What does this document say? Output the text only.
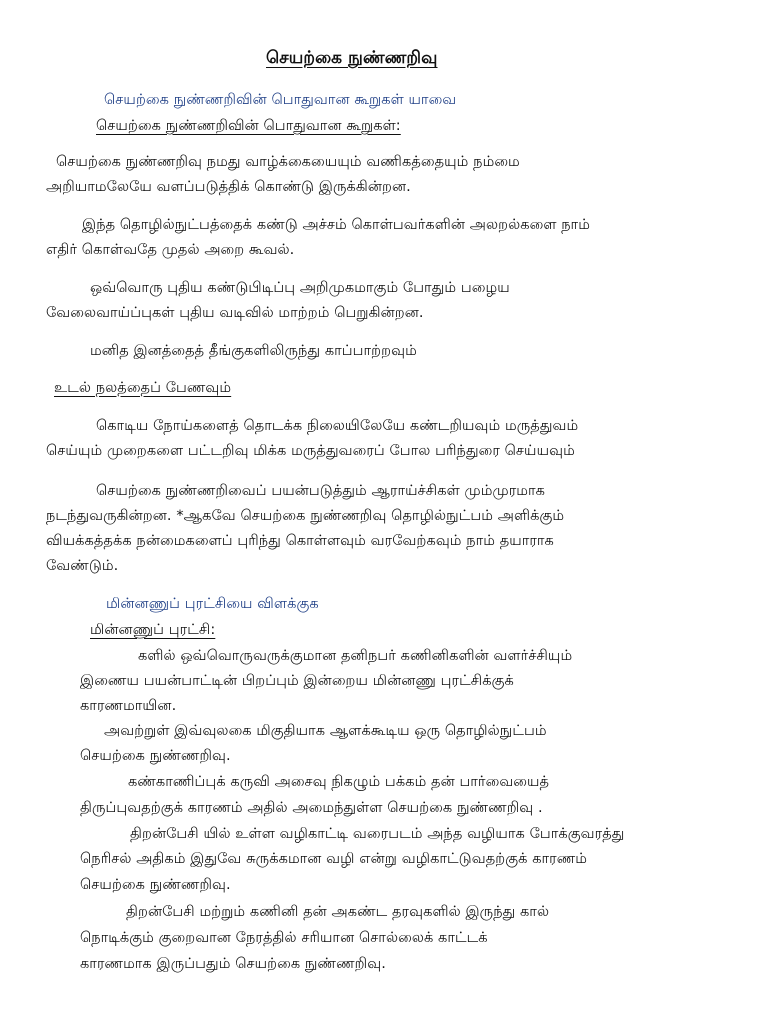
செயற்கை நுண்ணறிவு
செயற்கை நுண்ணறிவின் பொதுவான கூறுகள் யாவை
செயற்கை நுண்ணறிவின் பொதுவான கூறுகள்:
செயற்கை நுண்ணறிவு நமது வாழ்க்கையையும் வணிகத்தையும் நம்மை
அறியாமலேயே வளப்படுத்திக் கொண்டு இருக்கின்றன.
இந்த தொழில்நுட்பத்தைக் கண்டு அச்சம் கொள்பவர்களின் அலறல்களை நாம்
எதிர் கொள்வதே முதல் அறை கூவல்.
ஒவ்வொரு புதிய கண்டுபிடிப்பு அறிமுகமாகும் போதும் பழைய
வேலைவாய்ப்புகள் புதிய வடிவில் மாற்றம் பெறுகின்றன.
மனித இனத்தைத் தீங்குகளிலிருந்து காப்பாற்றவும்
உடல் நலத்தைப் பேணவும்
கொடிய நோய்களைத் தொடக்க நிலையிலேயே கண்டறியவும் மருத்துவம்
செய்யும் முறைகளை பட்டறிவு மிக்க மருத்துவரைப் போல பரிந்துரை செய்யவும்
செயற்கை நுண்ணறிவைப் பயன்படுத்தும் ஆராய்ச்சிகள் மும்முரமாக
நடந்துவருகின்றன. *ஆகவே செயற்கை நுண்ணறிவு தொழில்நுட்பம் அளிக்கும்
வியக்கத்தக்க நன்மைகளைப் புரிந்து கொள்ளவும் வரவேற்கவும் நாம் தயாராக
வேண்டும்.
மின்னணுப் புரட்சியை விளக்குக
மின்னணுப் புரட்சி:
களில் ஒவ்வொருவருக்குமான தனிநபர் கணினிகளின் வளர்ச்சியும்
இணைய பயன்பாட்டின் பிறப்பும் இன்றைய மின்னணு புரட்சிக்குக்
காரணமாயின.
அவற்றுள் இவ்வுலகை மிகுதியாக ஆளக்கூடிய ஒரு தொழில்நுட்பம்
செயற்கை நுண்ணறிவு.
கண்காணிப்புக் கருவி அசைவு நிகழும் பக்கம் தன் பார்வையைத்
திருப்புவதற்குக் காரணம் அதில் அமைந்துள்ள செயற்கை நுண்ணறிவு .
திறன்பேசி யில் உள்ள வழிகாட்டி வரைபடம் அந்த வழியாக போக்குவரத்து
நெரிசல் அதிகம் இதுவே சுருக்கமான வழி என்று வழிகாட்டுவதற்குக் காரணம்
செயற்கை நுண்ணறிவு.
திறன்பேசி மற்றும் கணினி தன் அகண்ட தரவுகளில் இருந்து கால்
நொடிக்கும் குறைவான நேரத்தில் சரியான சொல்லைக் காட்டக்
காரணமாக இருப்பதும் செயற்கை நுண்ணறிவு.
